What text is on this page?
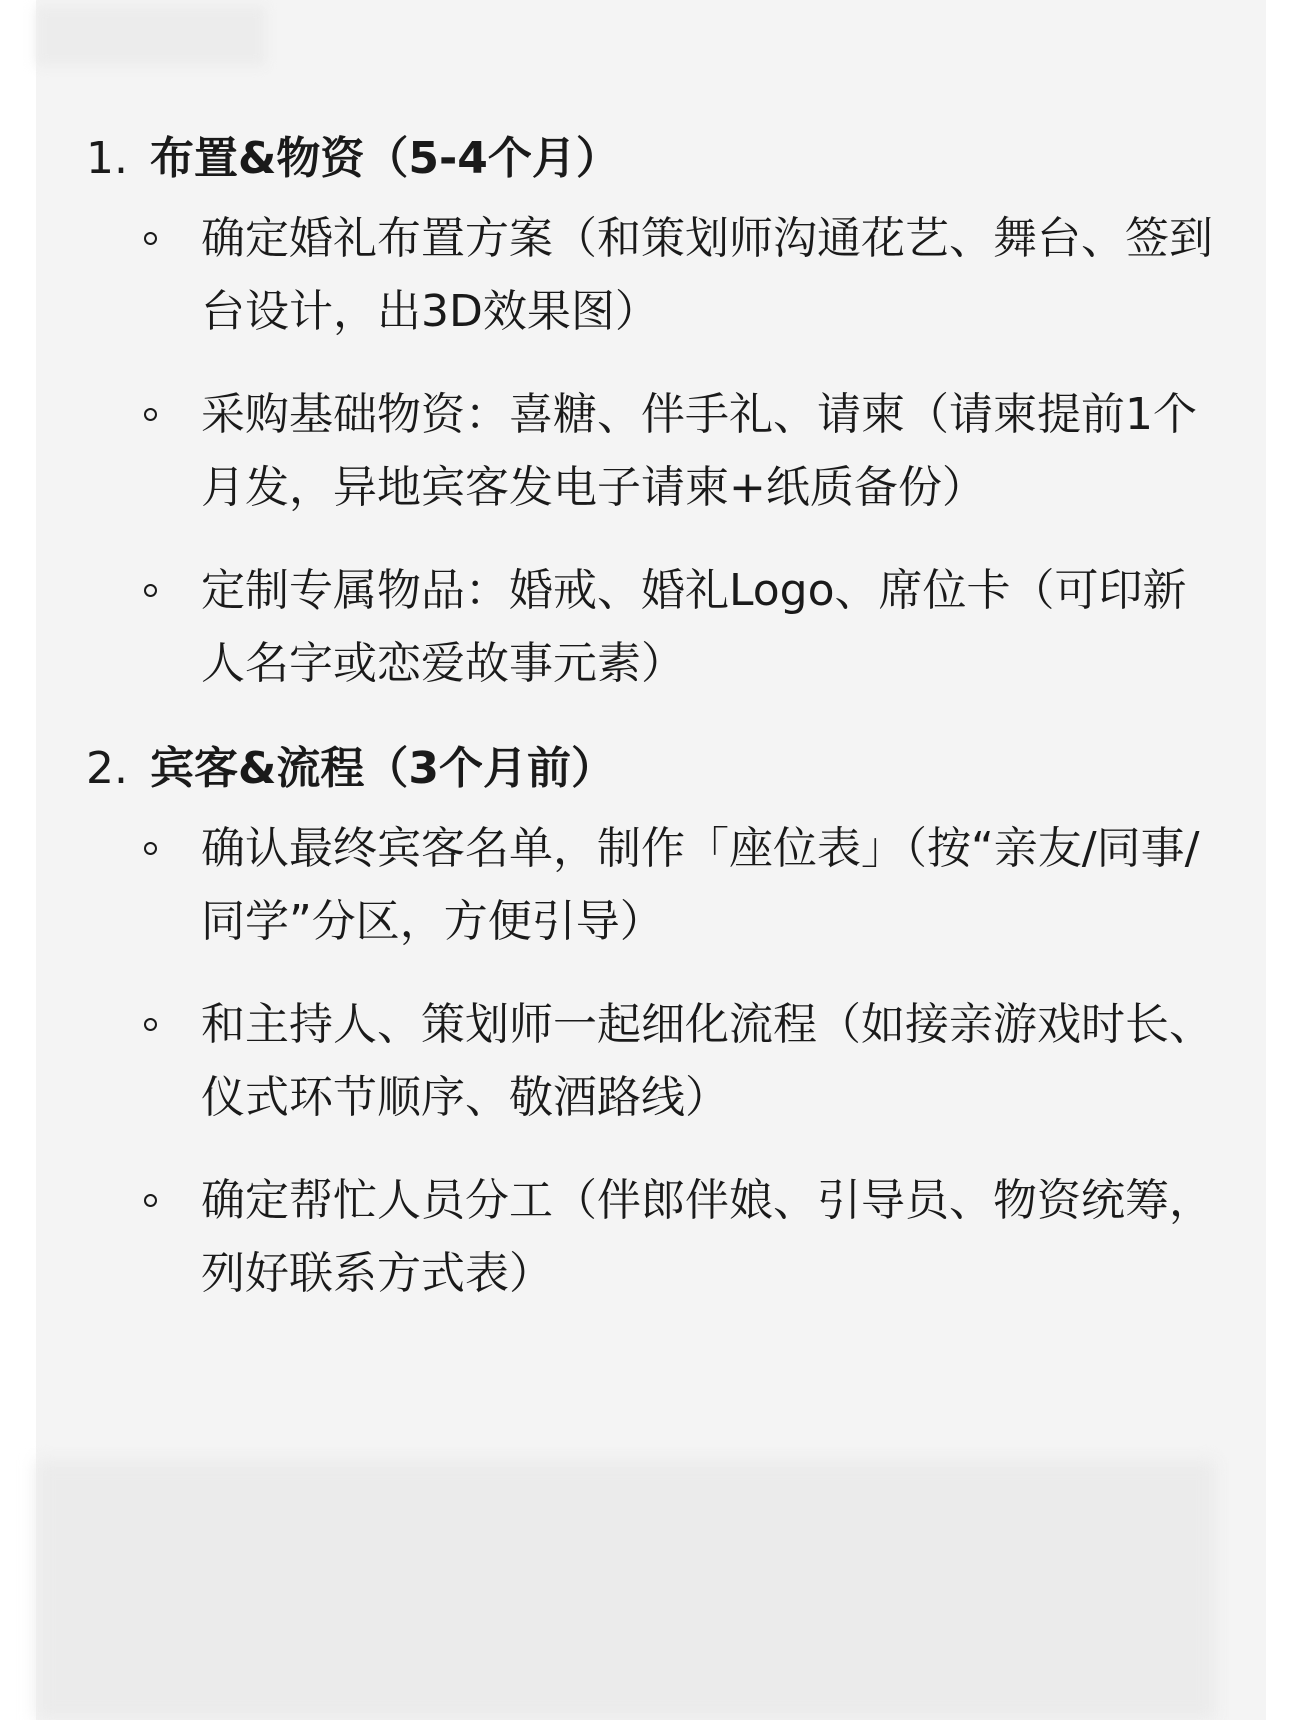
1. 布置&物资（5-4个月）
确定婚礼布置方案（和策划师沟通花艺、舞台、签到台设计，出3D效果图）
采购基础物资：喜糖、伴手礼、请柬（请柬提前1个月发，异地宾客发电子请柬+纸质备份）
定制专属物品：婚戒、婚礼Logo、席位卡（可印新人名字或恋爱故事元素）
2. 宾客&流程（3个月前）
确认最终宾客名单，制作「座位表」（按“亲友/同事/同学”分区，方便引导）
和主持人、策划师一起细化流程（如接亲游戏时长、仪式环节顺序、敬酒路线）
确定帮忙人员分工（伴郎伴娘、引导员、物资统筹，列好联系方式表）
